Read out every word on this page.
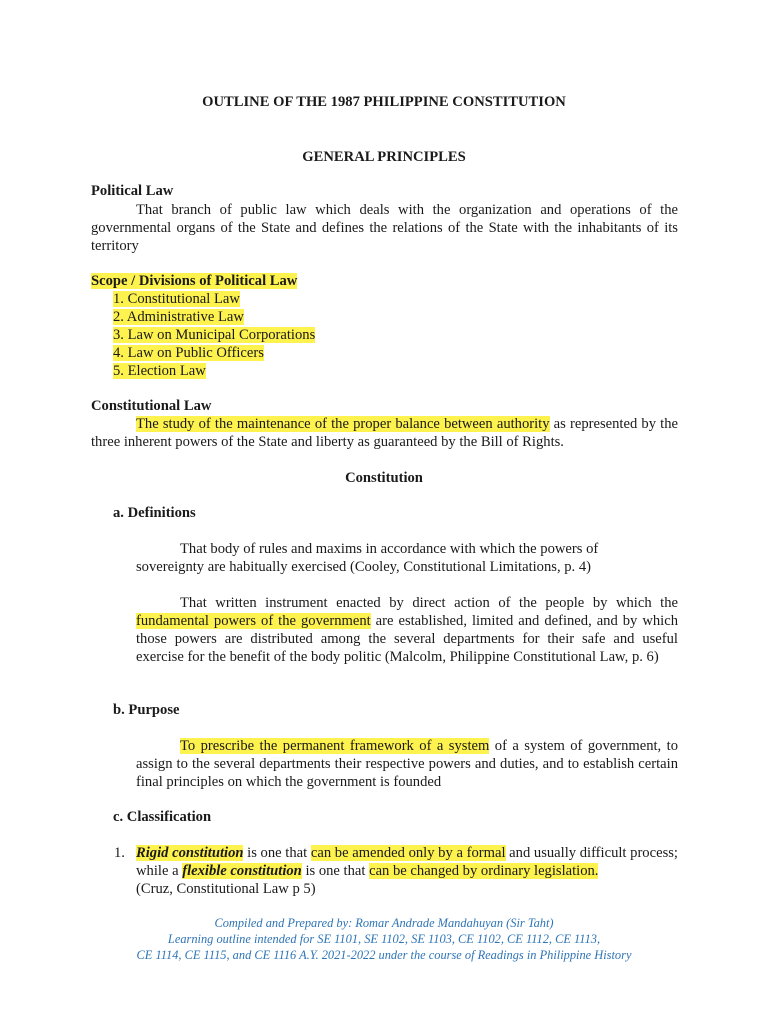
OUTLINE OF THE 1987 PHILIPPINE CONSTITUTION
GENERAL PRINCIPLES
Political Law

That branch of public law which deals with the organization and operations of the governmental organs of the State and defines the relations of the State with the inhabitants of its territory

Scope / Divisions of Political Law
1. Constitutional Law
2. Administrative Law
3. Law on Municipal Corporations
4. Law on Public Officers
5. Election Law
Constitutional Law

The study of the maintenance of the proper balance between authority as represented by the three inherent powers of the State and liberty as guaranteed by the Bill of Rights.

Constitution
a. Definitions

That body of rules and maxims in accordance with which the powers of sovereignty are habitually exercised (Cooley, Constitutional Limitations, p. 4)

That written instrument enacted by direct action of the people by which the fundamental powers of the government are established, limited and defined, and by which those powers are distributed among the several departments for their safe and useful exercise for the benefit of the body politic (Malcolm, Philippine Constitutional Law, p. 6)

b. Purpose

To prescribe the permanent framework of a system of a system of government, to assign to the several departments their respective powers and duties, and to establish certain final principles on which the government is founded

c. Classification
1. Rigid constitution is one that can be amended only by a formal and usually difficult process; while a flexible constitution is one that can be changed by ordinary legislation.
(Cruz, Constitutional Law p 5)

Compiled and Prepared by: Romar Andrade Mandahuyan (Sir Taht)
Learning outline intended for SE 1101, SE 1102, SE 1103, CE 1102, CE 1112, CE 1113,
CE 1114, CE 1115, and CE 1116 A.Y. 2021-2022 under the course of Readings in Philippine History
